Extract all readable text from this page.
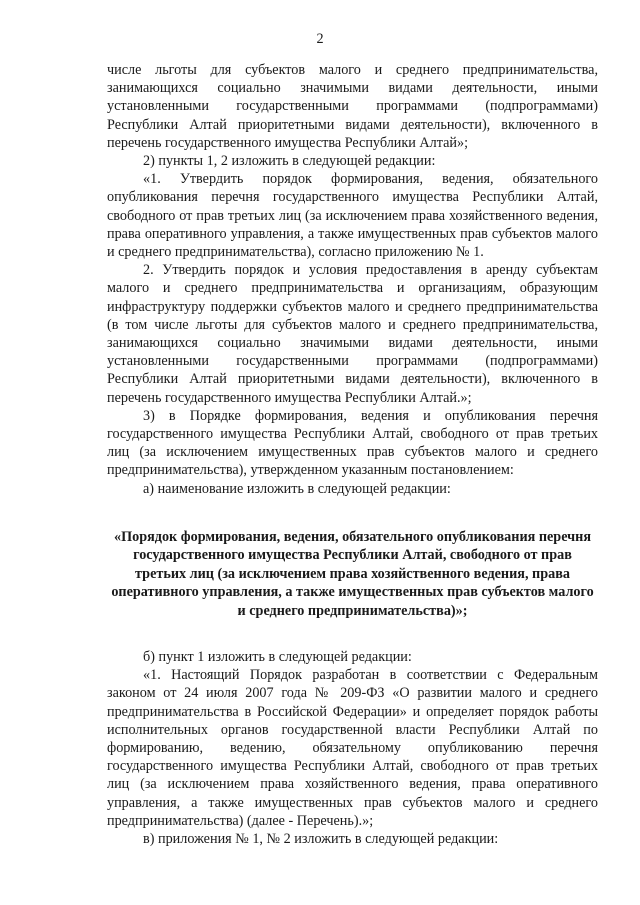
2

числе льготы для субъектов малого и среднего предпринимательства, занимающихся социально значимыми видами деятельности, иными установленными государственными программами (подпрограммами) Республики Алтай приоритетными видами деятельности), включенного в перечень государственного имущества Республики Алтай»;

2) пункты 1, 2 изложить в следующей редакции:

«1. Утвердить порядок формирования, ведения, обязательного опубликования перечня государственного имущества Республики Алтай, свободного от прав третьих лиц (за исключением права хозяйственного ведения, права оперативного управления, а также имущественных прав субъектов малого и среднего предпринимательства), согласно приложению № 1.

2. Утвердить порядок и условия предоставления в аренду субъектам малого и среднего предпринимательства и организациям, образующим инфраструктуру поддержки субъектов малого и среднего предпринимательства (в том числе льготы для субъектов малого и среднего предпринимательства, занимающихся социально значимыми видами деятельности, иными установленными государственными программами (подпрограммами) Республики Алтай приоритетными видами деятельности), включенного в перечень государственного имущества Республики Алтай.»;

3) в Порядке формирования, ведения и опубликования перечня государственного имущества Республики Алтай, свободного от прав третьих лиц (за исключением имущественных прав субъектов малого и среднего предпринимательства), утвержденном указанным постановлением:

а) наименование изложить в следующей редакции:

«Порядок формирования, ведения, обязательного опубликования перечня государственного имущества Республики Алтай, свободного от прав третьих лиц (за исключением права хозяйственного ведения, права оперативного управления, а также имущественных прав субъектов малого и среднего предпринимательства)»;

б) пункт 1 изложить в следующей редакции:

«1. Настоящий Порядок разработан в соответствии с Федеральным законом от 24 июля 2007 года № 209-ФЗ «О развитии малого и среднего предпринимательства в Российской Федерации» и определяет порядок работы исполнительных органов государственной власти Республики Алтай по формированию, ведению, обязательному опубликованию перечня государственного имущества Республики Алтай, свободного от прав третьих лиц (за исключением права хозяйственного ведения, права оперативного управления, а также имущественных прав субъектов малого и среднего предпринимательства) (далее - Перечень).»;

в) приложения № 1, № 2 изложить в следующей редакции:
